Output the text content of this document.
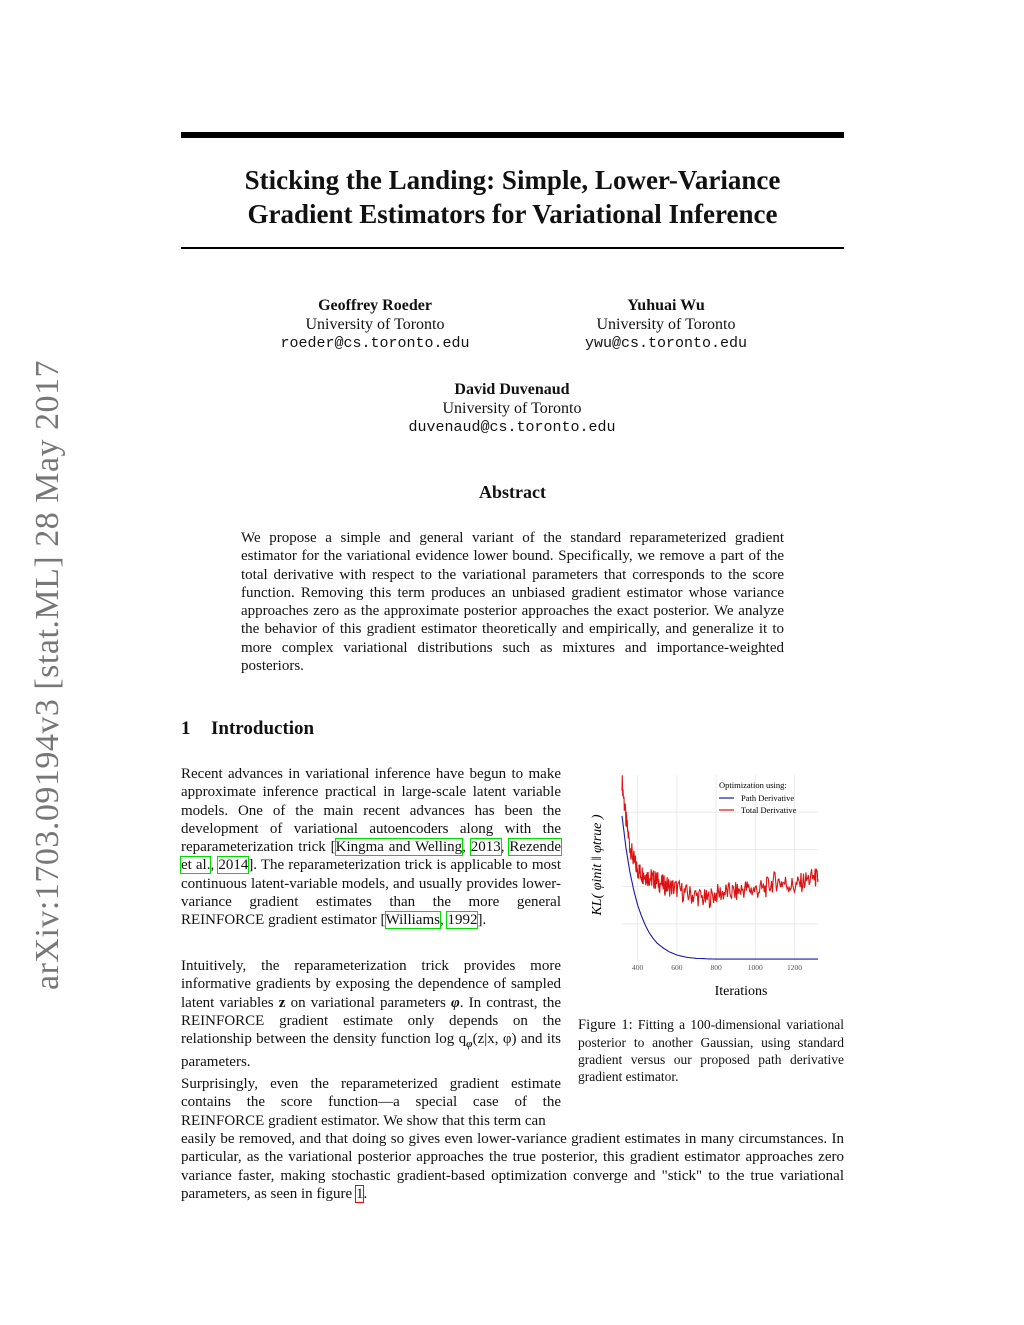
arXiv:1703.09194v3 [stat.ML] 28 May 2017
Sticking the Landing: Simple, Lower-Variance
Gradient Estimators for Variational Inference
Geoffrey Roeder
University of Toronto
roeder@cs.toronto.edu
Yuhuai Wu
University of Toronto
ywu@cs.toronto.edu
David Duvenaud
University of Toronto
duvenaud@cs.toronto.edu
Abstract
We propose a simple and general variant of the standard reparameterized gradient estimator for the variational evidence lower bound. Specifically, we remove a part of the total derivative with respect to the variational parameters that corresponds to the score function. Removing this term produces an unbiased gradient estimator whose variance approaches zero as the approximate posterior approaches the exact posterior. We analyze the behavior of this gradient estimator theoretically and empirically, and generalize it to more complex variational distributions such as mixtures and importance-weighted posteriors.
1 Introduction
Recent advances in variational inference have begun to make approximate inference practical in large-scale latent variable models. One of the main recent advances has been the development of variational autoencoders along with the reparameterization trick [Kingma and Welling, 2013, Rezende et al., 2014]. The reparameterization trick is applicable to most continuous latent-variable models, and usually provides lower-variance gradient estimates than the more general REINFORCE gradient estimator [Williams, 1992].
Intuitively, the reparameterization trick provides more informative gradients by exposing the dependence of sampled latent variables z on variational parameters φ. In contrast, the REINFORCE gradient estimate only depends on the relationship between the density function $\log q_\varphi(z|x$, φ) and its parameters.
Surprisingly, even the reparameterized gradient estimate contains the score function—a special case of the REINFORCE gradient estimator. We show that this term can
easily be removed, and that doing so gives even lower-variance gradient estimates in many circumstances. In particular, as the variational posterior approaches the true posterior, this gradient estimator approaches zero variance faster, making stochastic gradient-based optimization converge and "stick" to the true variational parameters, as seen in figure 1.
400	600	800	1000	1200
Iterations
KL( φinit ‖ φtrue )
Optimization using:
Path Derivative
Total Derivative
Figure 1: Fitting a 100-dimensional variational posterior to another Gaussian, using standard gradient versus our proposed path derivative gradient estimator.
